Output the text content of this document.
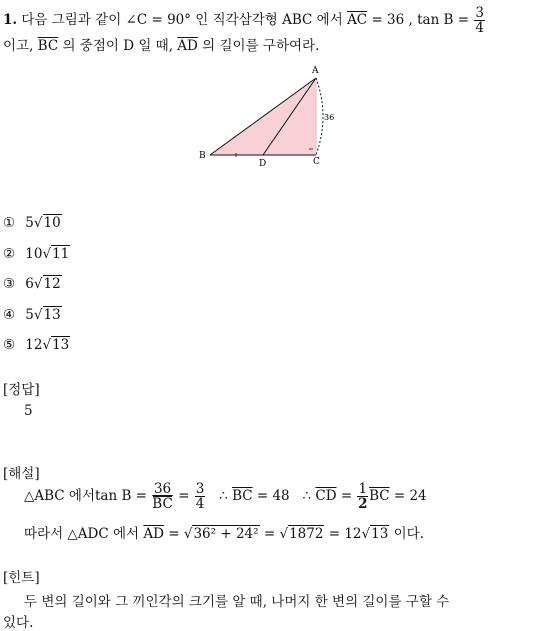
1. 다음 그림과 같이 ∠C = 90° 인 직각삼각형 ABC 에서 $\overline{AC} = 36$ , $\tan B = \frac{3}{4}$
이고, $\overline{BC}$ 의 중점이 D 일 때, $\overline{AD}$ 의 길이를 구하여라.
A
B
C
D
36
① 5√10
② 10√11
③ 6√12
④ 5√13
⑤ 12√13
[정답]
5
[해설]
△ABC 에서$\tan B = \frac{36}{BC} = \frac{3}{4}$ ∴ $\overline{BC} = 48$   ∴ $\overline{CD} = \frac{1}{2} \overline{BC} = 24$
따라서 △ADC 에서 $\overline{AD} = √36^2 + 24^2 = √1872 = 12√13$ 이다.
[힌트]
두 변의 길이와 그 끼인각의 크기를 알 때, 나머지 한 변의 길이를 구할 수
있다.
